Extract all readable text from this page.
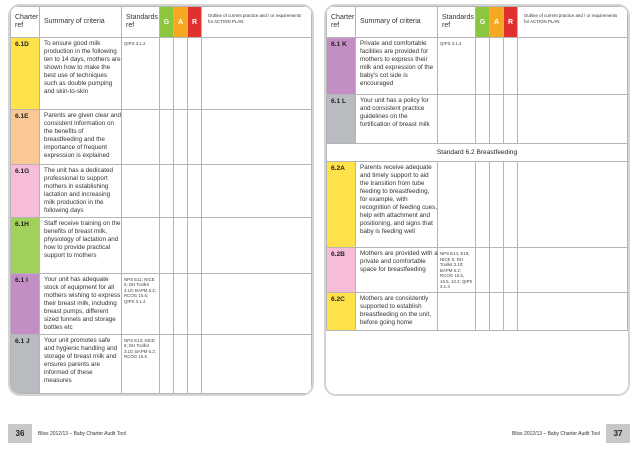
Charter ref	Summary of criteria	Standards ref	G	A	R	Outline of current practice and / or requirements for ACTION PLAN
6.1D	To ensure good milk production in the following ten to 14 days, mothers are shown how to make the best use of techniques such as double pumping and skin-to-skin	QIPS 3.1.2				
6.1E	Parents are given clear and consistent information on the benefits of breastfeeding and the importance of frequent expression is explained					

6.1G	The unit has a dedicated professional to support mothers in establishing lactation and increasing milk production in the following days					

6.1H	Staff receive training on the benefits of breast milk, physiology of lactation and how to provide practical support to mothers					

6.1 I	Your unit has adequate stock of equipment for all mothers wishing to express their breast milk, including breast pumps, different sized funnels and storage bottles etc	NPS E11; NICE 6; DH Toolkit 3.10; BAPM 6.2; RCOG 15.5; QIPS 3.1.4				
6.1 J	Your unit promotes safe and hygienic handling and storage of breast milk and ensures parents are informed of these measures	NPS E13; NICE 6; DH Toolkit 3.10; BAPM 6.2; RCOG 15.5				
Charter ref	Summary of criteria	Standards ref	G	A	R	Outline of current practice and / or requirements for ACTION PLAN
6.1 K	Private and comfortable facilities are provided for mothers to express their milk and expression of the baby's cot side is encouraged	QIPS 3.1.4				
6.1 L	Your unit has a policy for and consistent practice guidelines on the fortification of breast milk					

Standard 6.2 Breastfeeding						
6.2A	Parents receive adequate and timely support to aid the transition from tube feeding to breastfeeding, for example, with recognition of feeding cues, help with attachment and positioning, and signs that baby is feeding well					

6.2B	Mothers are provided with a private and comfortable space for breastfeeding	NPS E14, E15; NICE 6; DH Toolkit 3.10; BAPM 6.2; RCOG 15.5, 16.5, 13.2; QIPS 3.1.4				
6.2C	Mothers are consistently supported to establish breastfeeding on the unit, before going home					

36	Bliss 2012/13 – Baby Charter Audit Tool	Bliss 2012/13 – Baby Charter Audit Tool	37
